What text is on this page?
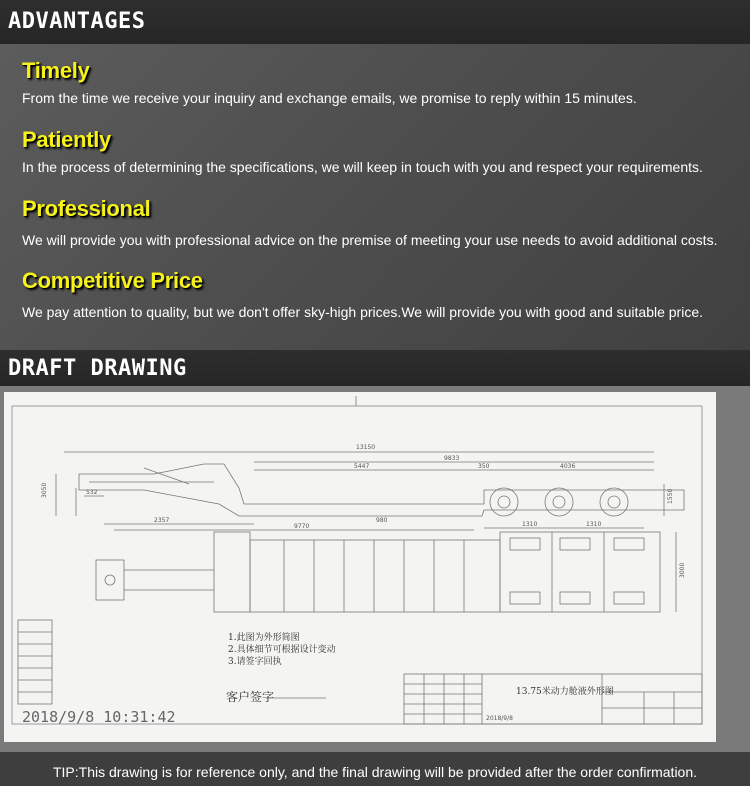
ADVANTAGES
Timely
From the time we receive your inquiry and exchange emails, we promise to reply within 15 minutes.
Patiently
In the process of determining the specifications, we will keep in touch with you and respect your requirements.
Professional
We will provide you with professional advice on the premise of meeting your use needs to avoid additional costs.
Competitive Price
We pay attention to quality, but we don't offer sky-high prices.We will provide you with good and suitable price.
DRAFT DRAWING
13150
9833
5447	350	4036
532
2357
9770	1310	1310
3050	1550
3000
980
2018/9/8
1.此图为外形简图
2.具体细节可根据设计变动
3.请签字回执
客户签字	13.75米动力舱液外形图
2018/9/8 10:31:42
TIP:This drawing is for reference only, and the final drawing will be provided after the order confirmation.
